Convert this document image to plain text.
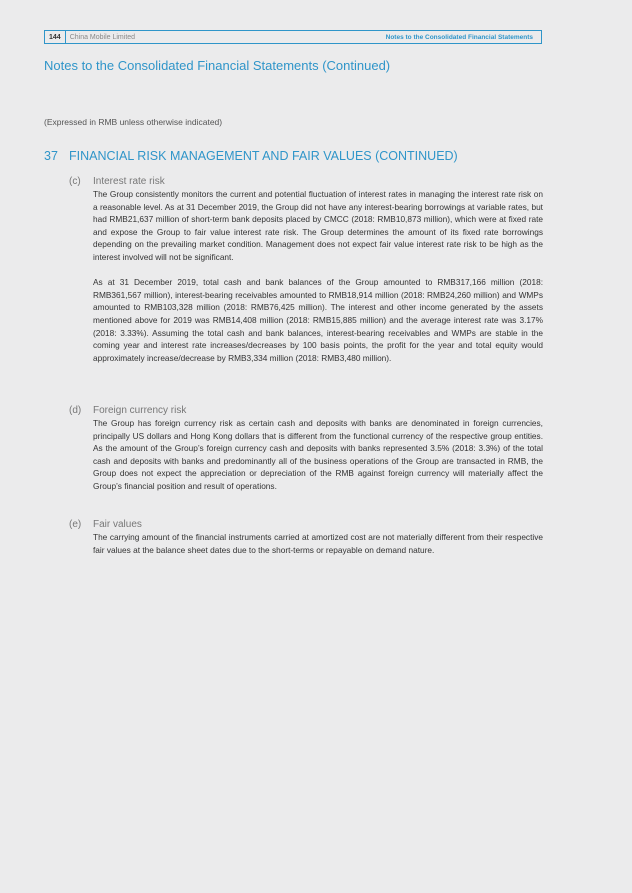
144	China Mobile Limited	Notes to the Consolidated Financial Statements
Notes to the Consolidated Financial Statements (Continued)
(Expressed in RMB unless otherwise indicated)
37 FINANCIAL RISK MANAGEMENT AND FAIR VALUES (CONTINUED)
(c)	Interest rate risk

The Group consistently monitors the current and potential fluctuation of interest rates in managing the interest rate risk on a reasonable level. As at 31 December 2019, the Group did not have any interest-bearing borrowings at variable rates, but had RMB21,637 million of short-term bank deposits placed by CMCC (2018: RMB10,873 million), which were at fixed rate and expose the Group to fair value interest rate risk. The Group determines the amount of its fixed rate borrowings depending on the prevailing market condition. Management does not expect fair value interest rate risk to be high as the interest involved will not be significant.

As at 31 December 2019, total cash and bank balances of the Group amounted to RMB317,166 million (2018: RMB361,567 million), interest-bearing receivables amounted to RMB18,914 million (2018: RMB24,260 million) and WMPs amounted to RMB103,328 million (2018: RMB76,425 million). The interest and other income generated by the assets mentioned above for 2019 was RMB14,408 million (2018: RMB15,885 million) and the average interest rate was 3.17% (2018: 3.33%). Assuming the total cash and bank balances, interest-bearing receivables and WMPs are stable in the coming year and interest rate increases/decreases by 100 basis points, the profit for the year and total equity would approximately increase/decrease by RMB3,334 million (2018: RMB3,480 million).

(d)	Foreign currency risk

The Group has foreign currency risk as certain cash and deposits with banks are denominated in foreign currencies, principally US dollars and Hong Kong dollars that is different from the functional currency of the respective group entities. As the amount of the Group’s foreign currency cash and deposits with banks represented 3.5% (2018: 3.3%) of the total cash and deposits with banks and predominantly all of the business operations of the Group are transacted in RMB, the Group does not expect the appreciation or depreciation of the RMB against foreign currency will materially affect the Group’s financial position and result of operations.

(e)	Fair values

The carrying amount of the financial instruments carried at amortized cost are not materially different from their respective fair values at the balance sheet dates due to the short-terms or repayable on demand nature.
